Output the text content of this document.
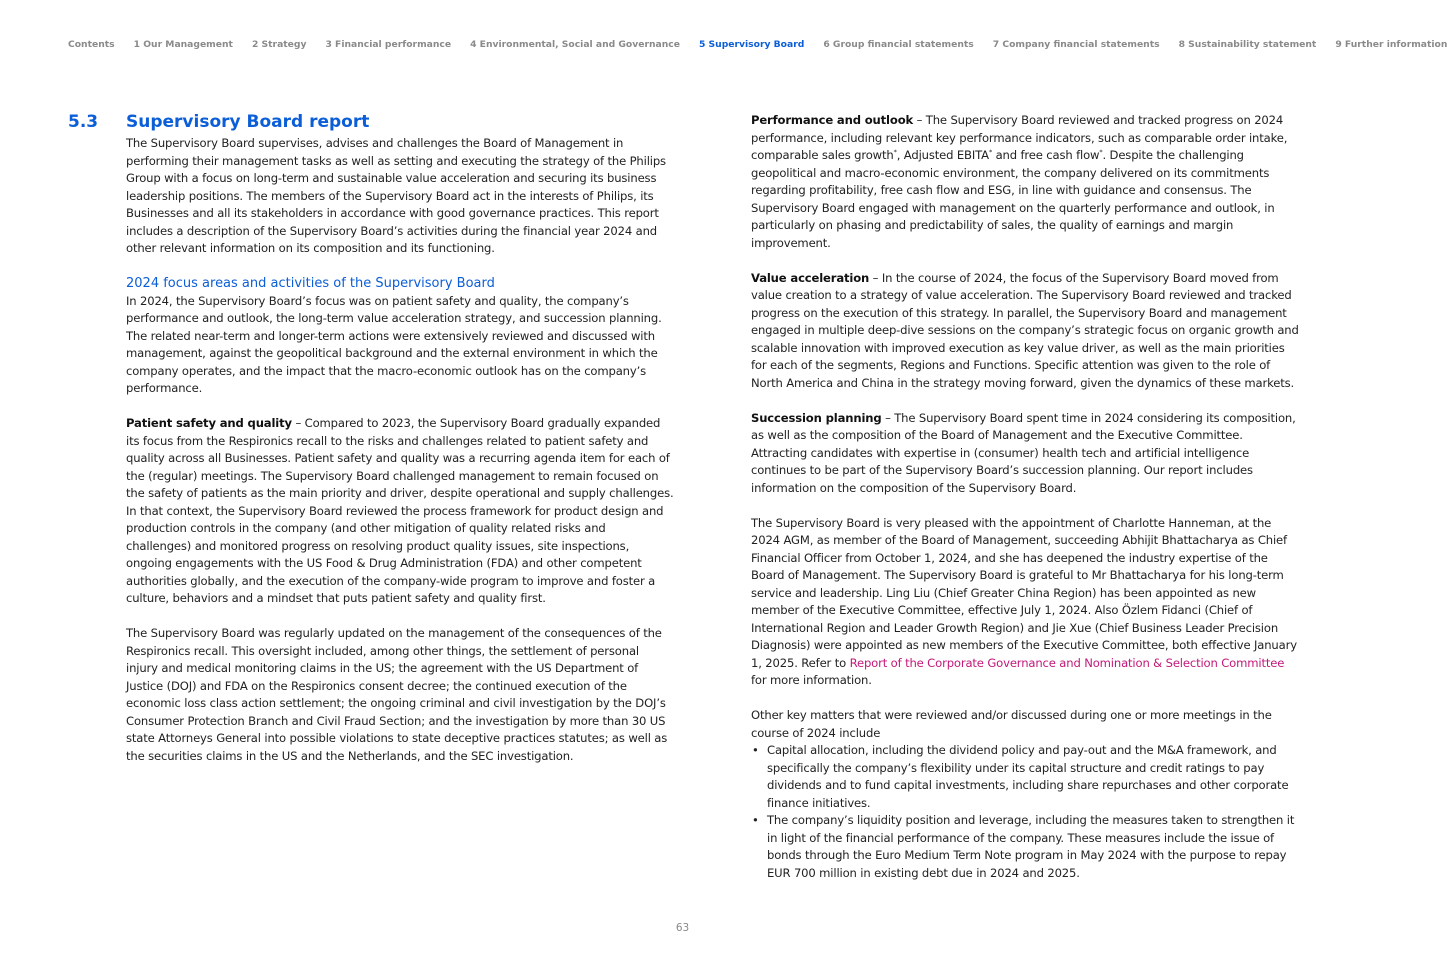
Contents 1 Our Management 2 Strategy 3 Financial performance 4 Environmental, Social and Governance 5 Supervisory Board 6 Group financial statements 7 Company financial statements 8 Sustainability statement 9 Further information
5.3 Supervisory Board report

The Supervisory Board supervises, advises and challenges the Board of Management in performing their management tasks as well as setting and executing the strategy of the Philips Group with a focus on long-term and sustainable value acceleration and securing its business leadership positions. The members of the Supervisory Board act in the interests of Philips, its Businesses and all its stakeholders in accordance with good governance practices. This report includes a description of the Supervisory Board’s activities during the financial year 2024 and other relevant information on its composition and its functioning.

2024 focus areas and activities of the Supervisory Board

In 2024, the Supervisory Board’s focus was on patient safety and quality, the company’s performance and outlook, the long-term value acceleration strategy, and succession planning. The related near-term and longer-term actions were extensively reviewed and discussed with management, against the geopolitical background and the external environment in which the company operates, and the impact that the macro-economic outlook has on the company’s performance.

Patient safety and quality – Compared to 2023, the Supervisory Board gradually expanded its focus from the Respironics recall to the risks and challenges related to patient safety and quality across all Businesses. Patient safety and quality was a recurring agenda item for each of the (regular) meetings. The Supervisory Board challenged management to remain focused on the safety of patients as the main priority and driver, despite operational and supply challenges. In that context, the Supervisory Board reviewed the process framework for product design and production controls in the company (and other mitigation of quality related risks and challenges) and monitored progress on resolving product quality issues, site inspections, ongoing engagements with the US Food & Drug Administration (FDA) and other competent authorities globally, and the execution of the company-wide program to improve and foster a culture, behaviors and a mindset that puts patient safety and quality first.

The Supervisory Board was regularly updated on the management of the consequences of the Respironics recall. This oversight included, among other things, the settlement of personal injury and medical monitoring claims in the US; the agreement with the US Department of Justice (DOJ) and FDA on the Respironics consent decree; the continued execution of the economic loss class action settlement; the ongoing criminal and civil investigation by the DOJ’s Consumer Protection Branch and Civil Fraud Section; and the investigation by more than 30 US state Attorneys General into possible violations to state deceptive practices statutes; as well as the securities claims in the US and the Netherlands, and the SEC investigation.

Performance and outlook – The Supervisory Board reviewed and tracked progress on 2024 performance, including relevant key performance indicators, such as comparable order intake, comparable sales growth*, Adjusted EBITA* and free cash flow*. Despite the challenging geopolitical and macro-economic environment, the company delivered on its commitments regarding profitability, free cash flow and ESG, in line with guidance and consensus. The Supervisory Board engaged with management on the quarterly performance and outlook, in particularly on phasing and predictability of sales, the quality of earnings and margin improvement.

Value acceleration – In the course of 2024, the focus of the Supervisory Board moved from value creation to a strategy of value acceleration. The Supervisory Board reviewed and tracked progress on the execution of this strategy. In parallel, the Supervisory Board and management engaged in multiple deep-dive sessions on the company’s strategic focus on organic growth and scalable innovation with improved execution as key value driver, as well as the main priorities for each of the segments, Regions and Functions. Specific attention was given to the role of North America and China in the strategy moving forward, given the dynamics of these markets.

Succession planning – The Supervisory Board spent time in 2024 considering its composition, as well as the composition of the Board of Management and the Executive Committee. Attracting candidates with expertise in (consumer) health tech and artificial intelligence continues to be part of the Supervisory Board’s succession planning. Our report includes information on the composition of the Supervisory Board.

The Supervisory Board is very pleased with the appointment of Charlotte Hanneman, at the 2024 AGM, as member of the Board of Management, succeeding Abhijit Bhattacharya as Chief Financial Officer from October 1, 2024, and she has deepened the industry expertise of the Board of Management. The Supervisory Board is grateful to Mr Bhattacharya for his long-term service and leadership. Ling Liu (Chief Greater China Region) has been appointed as new member of the Executive Committee, effective July 1, 2024. Also Özlem Fidanci (Chief of International Region and Leader Growth Region) and Jie Xue (Chief Business Leader Precision Diagnosis) were appointed as new members of the Executive Committee, both effective January 1, 2025. Refer to Report of the Corporate Governance and Nomination & Selection Committee for more information.

Other key matters that were reviewed and/or discussed during one or more meetings in the course of 2024 include

• Capital allocation, including the dividend policy and pay-out and the M&A framework, and specifically the company’s flexibility under its capital structure and credit ratings to pay dividends and to fund capital investments, including share repurchases and other corporate finance initiatives.
• The company’s liquidity position and leverage, including the measures taken to strengthen it in light of the financial performance of the company. These measures include the issue of bonds through the Euro Medium Term Note program in May 2024 with the purpose to repay EUR 700 million in existing debt due in 2024 and 2025.
63
